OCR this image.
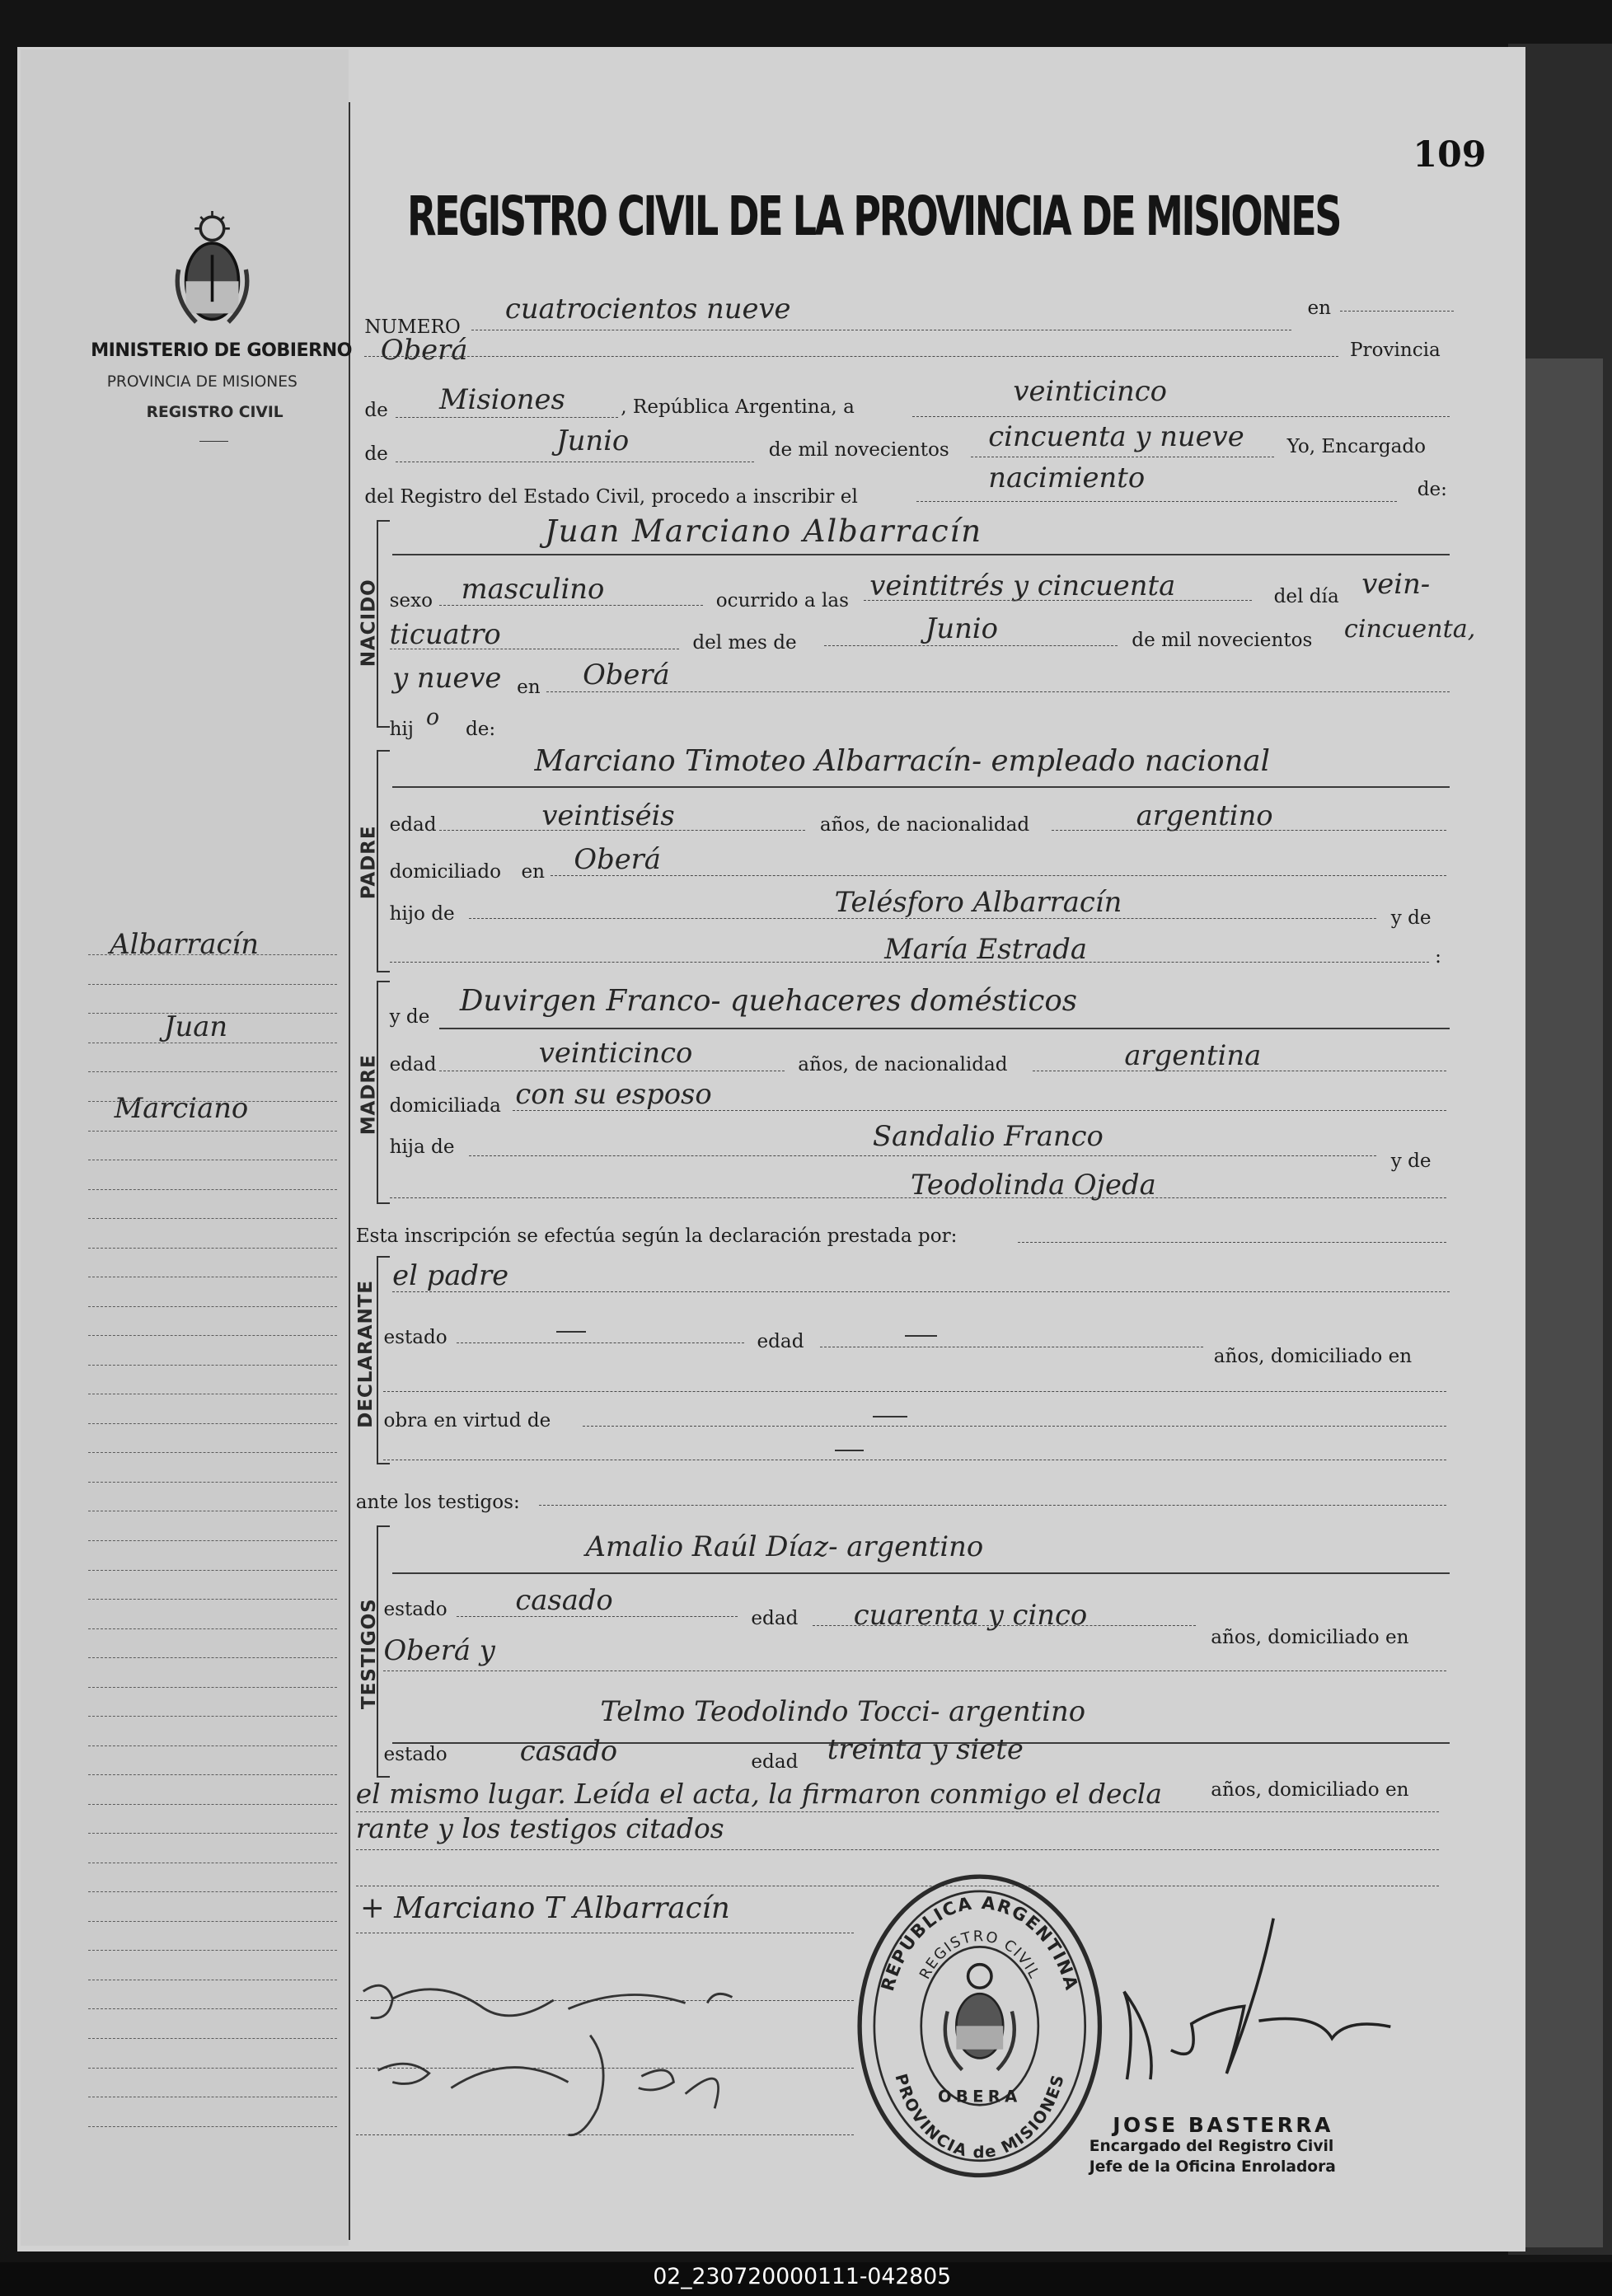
109
MINISTERIO DE GOBIERNO
PROVINCIA DE MISIONES
REGISTRO CIVIL
REGISTRO CIVIL DE LA PROVINCIA DE MISIONES
Albarracín
Juan
Marciano
NUMERO
cuatrocientos nueve	en
Oberá	Provincia
de	Misiones	, República Argentina, a
veinticinco
de	Junio	de mil novecientos cincuenta y nueve	Yo, Encargado
del Registro del Estado Civil, procedo a inscribir el
nacimiento	de:
NACIDO
Juan Marciano Albarracín
sexo masculino	ocurrido a las veintitrés y cincuenta	del día vein-
ticuatro	del mes de	Junio	de mil novecientos cincuenta,
y nueve en	Oberá
hij o de:
PADRE
Marciano Timoteo Albarracín- empleado nacional
edad	veintiséis	años, de nacionalidad	argentino
domiciliado en Oberá
hijo de	Telésforo Albarracín
y de
María Estrada	:
MADRE
y de Duvirgen Franco- quehaceres domésticos
edad	veinticinco	años, de nacionalidad	argentina
domiciliada con su esposo
hija de	Sandalio Franco
y de
Teodolinda Ojeda
Esta inscripción se efectúa según la declaración prestada por:
DECLARANTE
el padre
estado	edad
años, domiciliado en
obra en virtud de
ante los testigos:
TESTIGOS
Amalio Raúl Díaz- argentino
estado	casado
edad	cuarenta y cinco
años, domiciliado en
Oberá y
Telmo Teodolindo Tocci- argentino
estado	casado	edad treinta y siete
años, domiciliado en
el mismo lugar. Leída el acta, la firmaron conmigo el decla
rante y los testigos citados
+ Marciano T Albarracín
REPÚBLICA ARGENTINA
REGISTRO CIVIL
PROVINCIA de MISIONES
OBERA
JOSE BASTERRA
Encargado del Registro Civil
Jefe de la Oficina Enroladora
02_230720000111-042805
